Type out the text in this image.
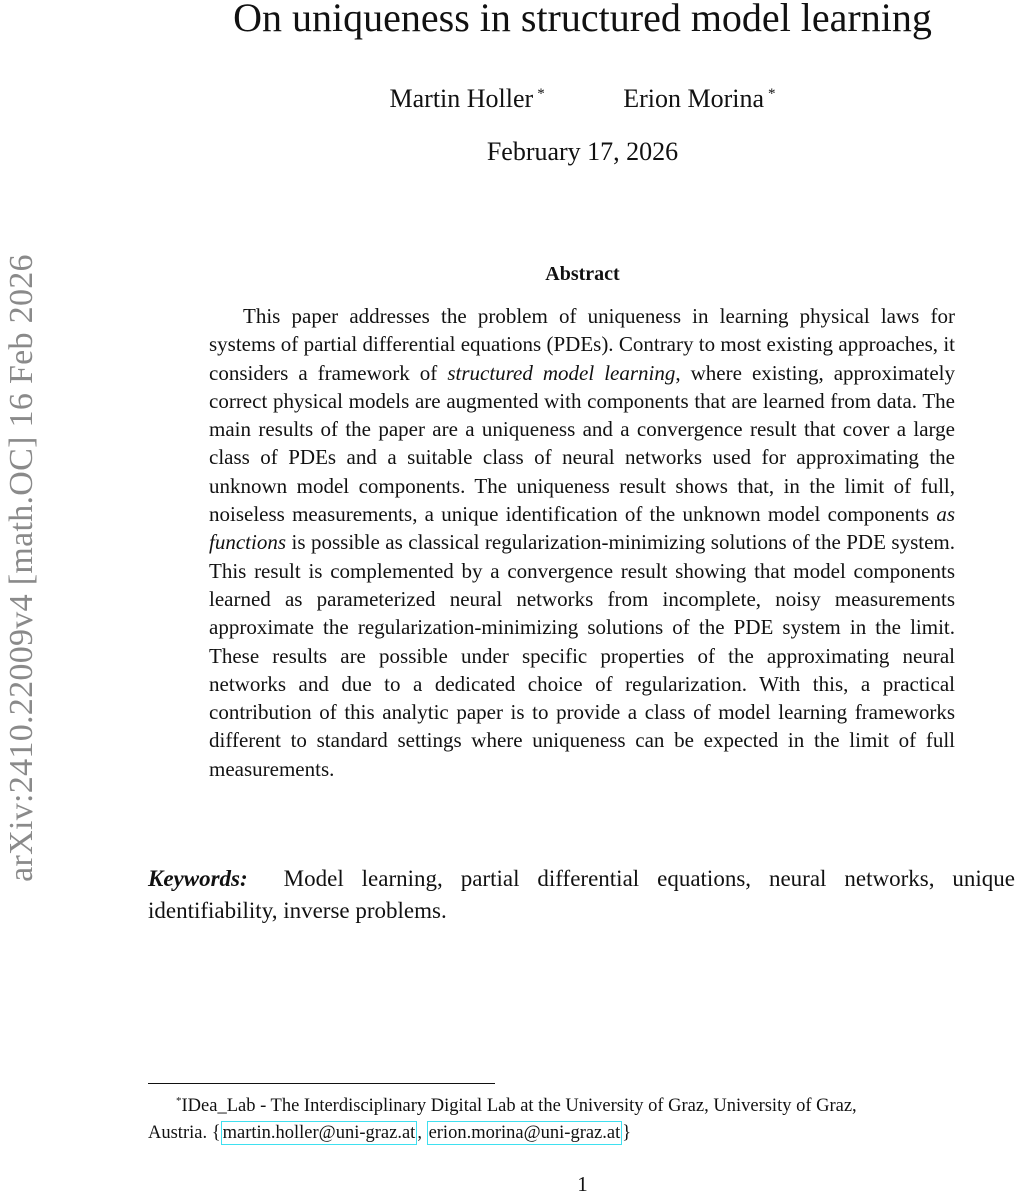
arXiv:2410.22009v4 [math.OC] 16 Feb 2026
On uniqueness in structured model learning
Martin Holler *	Erion Morina *
February 17, 2026
Abstract
This paper addresses the problem of uniqueness in learning physical laws for systems of partial differential equations (PDEs). Contrary to most existing approaches, it considers a framework of structured model learning, where existing, approximately correct physical models are augmented with components that are learned from data. The main results of the paper are a uniqueness and a convergence result that cover a large class of PDEs and a suitable class of neural networks used for approximating the unknown model components. The uniqueness result shows that, in the limit of full, noiseless measurements, a unique identification of the unknown model components as functions is possible as classical regularization-minimizing solutions of the PDE system. This result is complemented by a convergence result showing that model components learned as parameterized neural networks from incomplete, noisy measurements approximate the regularization-minimizing solutions of the PDE system in the limit. These results are possible under specific properties of the approximating neural networks and due to a dedicated choice of regularization. With this, a practical contribution of this analytic paper is to provide a class of model learning frameworks different to standard settings where uniqueness can be expected in the limit of full measurements.
Keywords: Model learning, partial differential equations, neural networks, unique identifiability, inverse problems.
*IDea_Lab - The Interdisciplinary Digital Lab at the University of Graz, University of Graz,
Austria. { martin.holler@uni-graz.at , erion.morina@uni-graz.at }
1
